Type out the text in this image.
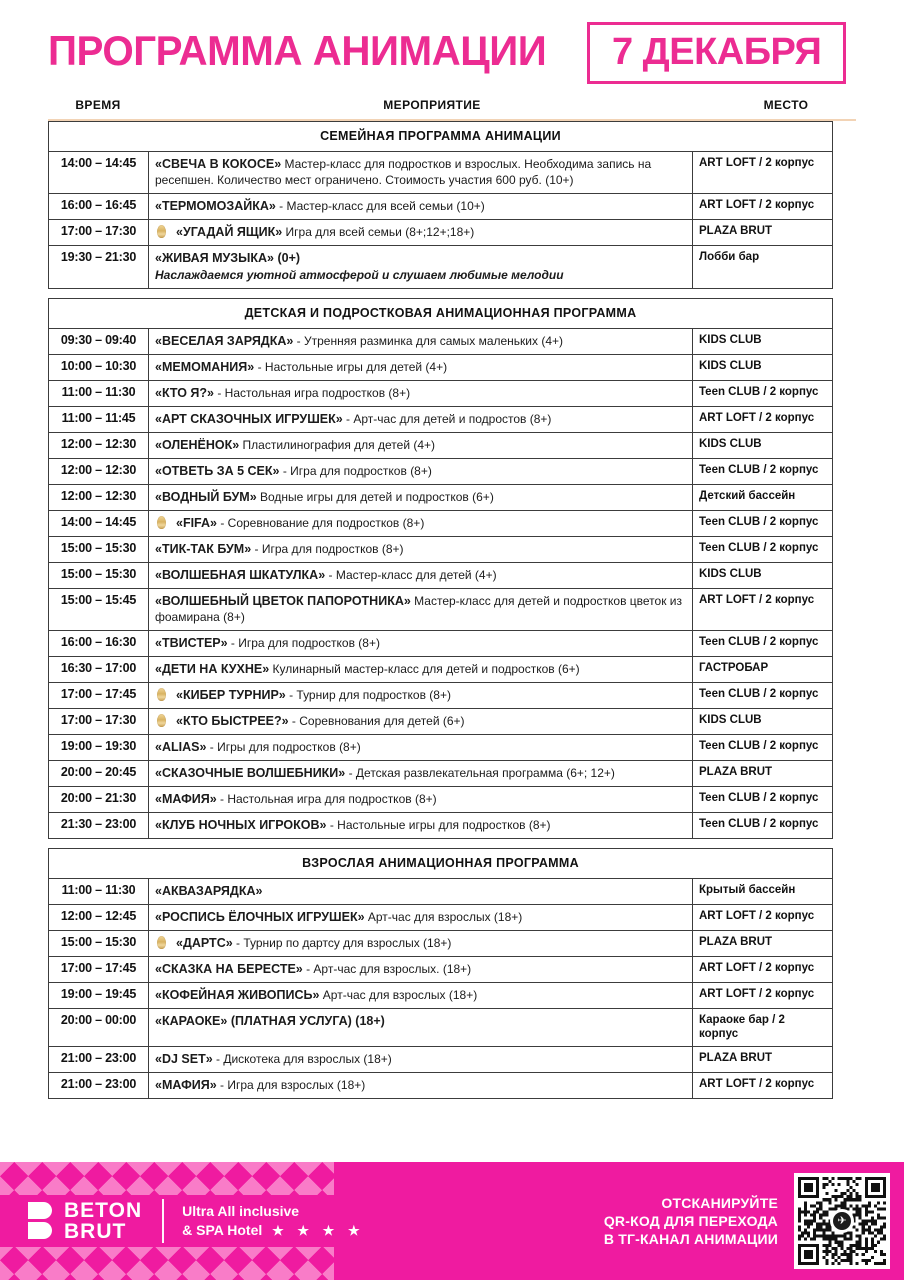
ПРОГРАММА АНИМАЦИИ 7 ДЕКАБРЯ
ВРЕМЯ	МЕРОПРИЯТИЕ	МЕСТО
СЕМЕЙНАЯ ПРОГРАММА АНИМАЦИИ		
14:00 – 14:45	«СВЕЧА В КОКОСЕ» Мастер-класс для подростков и взрослых. Необходима запись на ресепшен. Количество мест ограничено. Стоимость участия 600 руб. (10+)	ART LOFT / 2 корпус
16:00 – 16:45	«ТЕРМОМОЗАЙКА» - Мастер-класс для всей семьи (10+)	ART LOFT / 2 корпус
17:00 – 17:30	«УГАДАЙ ЯЩИК» Игра для всей семьи (8+;12+;18+)	PLAZA BRUT
19:30 – 21:30	«ЖИВАЯ МУЗЫКА» (0+)
Наслаждаемся уютной атмосферой и слушаем любимые мелодии	Лобби бар

ДЕТСКАЯ И ПОДРОСТКОВАЯ АНИМАЦИОННАЯ ПРОГРАММА		
09:30 – 09:40	«ВЕСЕЛАЯ ЗАРЯДКА» - Утренняя разминка для самых маленьких (4+)	KIDS CLUB
10:00 – 10:30	«МЕМОМАНИЯ» - Настольные игры для детей (4+)	KIDS CLUB
11:00 – 11:30	«КТО Я?» - Настольная игра подростков (8+)	Teen CLUB / 2 корпус
11:00 – 11:45	«АРТ СКАЗОЧНЫХ ИГРУШЕК» - Арт-час для детей и подростов (8+)	ART LOFT / 2 корпус
12:00 – 12:30	«ОЛЕНЁНОК» Пластилинография для детей (4+)	KIDS CLUB
12:00 – 12:30	«ОТВЕТЬ ЗА 5 СЕК» - Игра для подростков (8+)	Teen CLUB / 2 корпус
12:00 – 12:30	«ВОДНЫЙ БУМ» Водные игры для детей и подростков (6+)	Детский бассейн
14:00 – 14:45	«FIFA» - Соревнование для подростков (8+)	Teen CLUB / 2 корпус
15:00 – 15:30	«ТИК-ТАК БУМ» - Игра для подростков (8+)	Teen CLUB / 2 корпус
15:00 – 15:30	«ВОЛШЕБНАЯ ШКАТУЛКА» - Мастер-класс для детей (4+)	KIDS CLUB
15:00 – 15:45	«ВОЛШЕБНЫЙ ЦВЕТОК ПАПОРОТНИКА» Мастер-класс для детей и подростков цветок из фоамирана (8+)	ART LOFT / 2 корпус
16:00 – 16:30	«ТВИСТЕР» - Игра для подростков (8+)	Teen CLUB / 2 корпус
16:30 – 17:00	«ДЕТИ НА КУХНЕ» Кулинарный мастер-класс для детей и подростков (6+)	ГАСТРОБАР
17:00 – 17:45	«КИБЕР ТУРНИР» - Турнир для подростков (8+)	Teen CLUB / 2 корпус
17:00 – 17:30	«КТО БЫСТРЕЕ?» - Соревнования для детей (6+)	KIDS CLUB
19:00 – 19:30	«ALIAS» - Игры для подростков (8+)	Teen CLUB / 2 корпус
20:00 – 20:45	«СКАЗОЧНЫЕ ВОЛШЕБНИКИ» - Детская развлекательная программа (6+; 12+)	PLAZA BRUT
20:00 – 21:30	«МАФИЯ» - Настольная игра для подростков (8+)	Teen CLUB / 2 корпус
21:30 – 23:00	«КЛУБ НОЧНЫХ ИГРОКОВ» - Настольные игры для подростков (8+)	Teen CLUB / 2 корпус

ВЗРОСЛАЯ АНИМАЦИОННАЯ ПРОГРАММА		
11:00 – 11:30	«АКВАЗАРЯДКА»	Крытый бассейн
12:00 – 12:45	«РОСПИСЬ ЁЛОЧНЫХ ИГРУШЕК» Арт-час для взрослых (18+)	ART LOFT / 2 корпус
15:00 – 15:30	«ДАРТС» - Турнир по дартсу для взрослых (18+)	PLAZA BRUT
17:00 – 17:45	«СКАЗКА НА БЕРЕСТЕ» - Арт-час для взрослых. (18+)	ART LOFT / 2 корпус
19:00 – 19:45	«КОФЕЙНАЯ ЖИВОПИСЬ» Арт-час для взрослых (18+)	ART LOFT / 2 корпус
20:00 – 00:00	«КАРАОКЕ» (ПЛАТНАЯ УСЛУГА) (18+)	Караоке бар / 2 корпус
21:00 – 23:00	«DJ SET» - Дискотека для взрослых (18+)	PLAZA BRUT
21:00 – 23:00	«МАФИЯ» - Игра для взрослых (18+)	ART LOFT / 2 корпус
BETON
BRUT
Ultra All inclusive
& SPA Hotel ★ ★ ★ ★
ОТСКАНИРУЙТЕ
QR-КОД ДЛЯ ПЕРЕХОДА
В ТГ-КАНАЛ АНИМАЦИИ
✈
